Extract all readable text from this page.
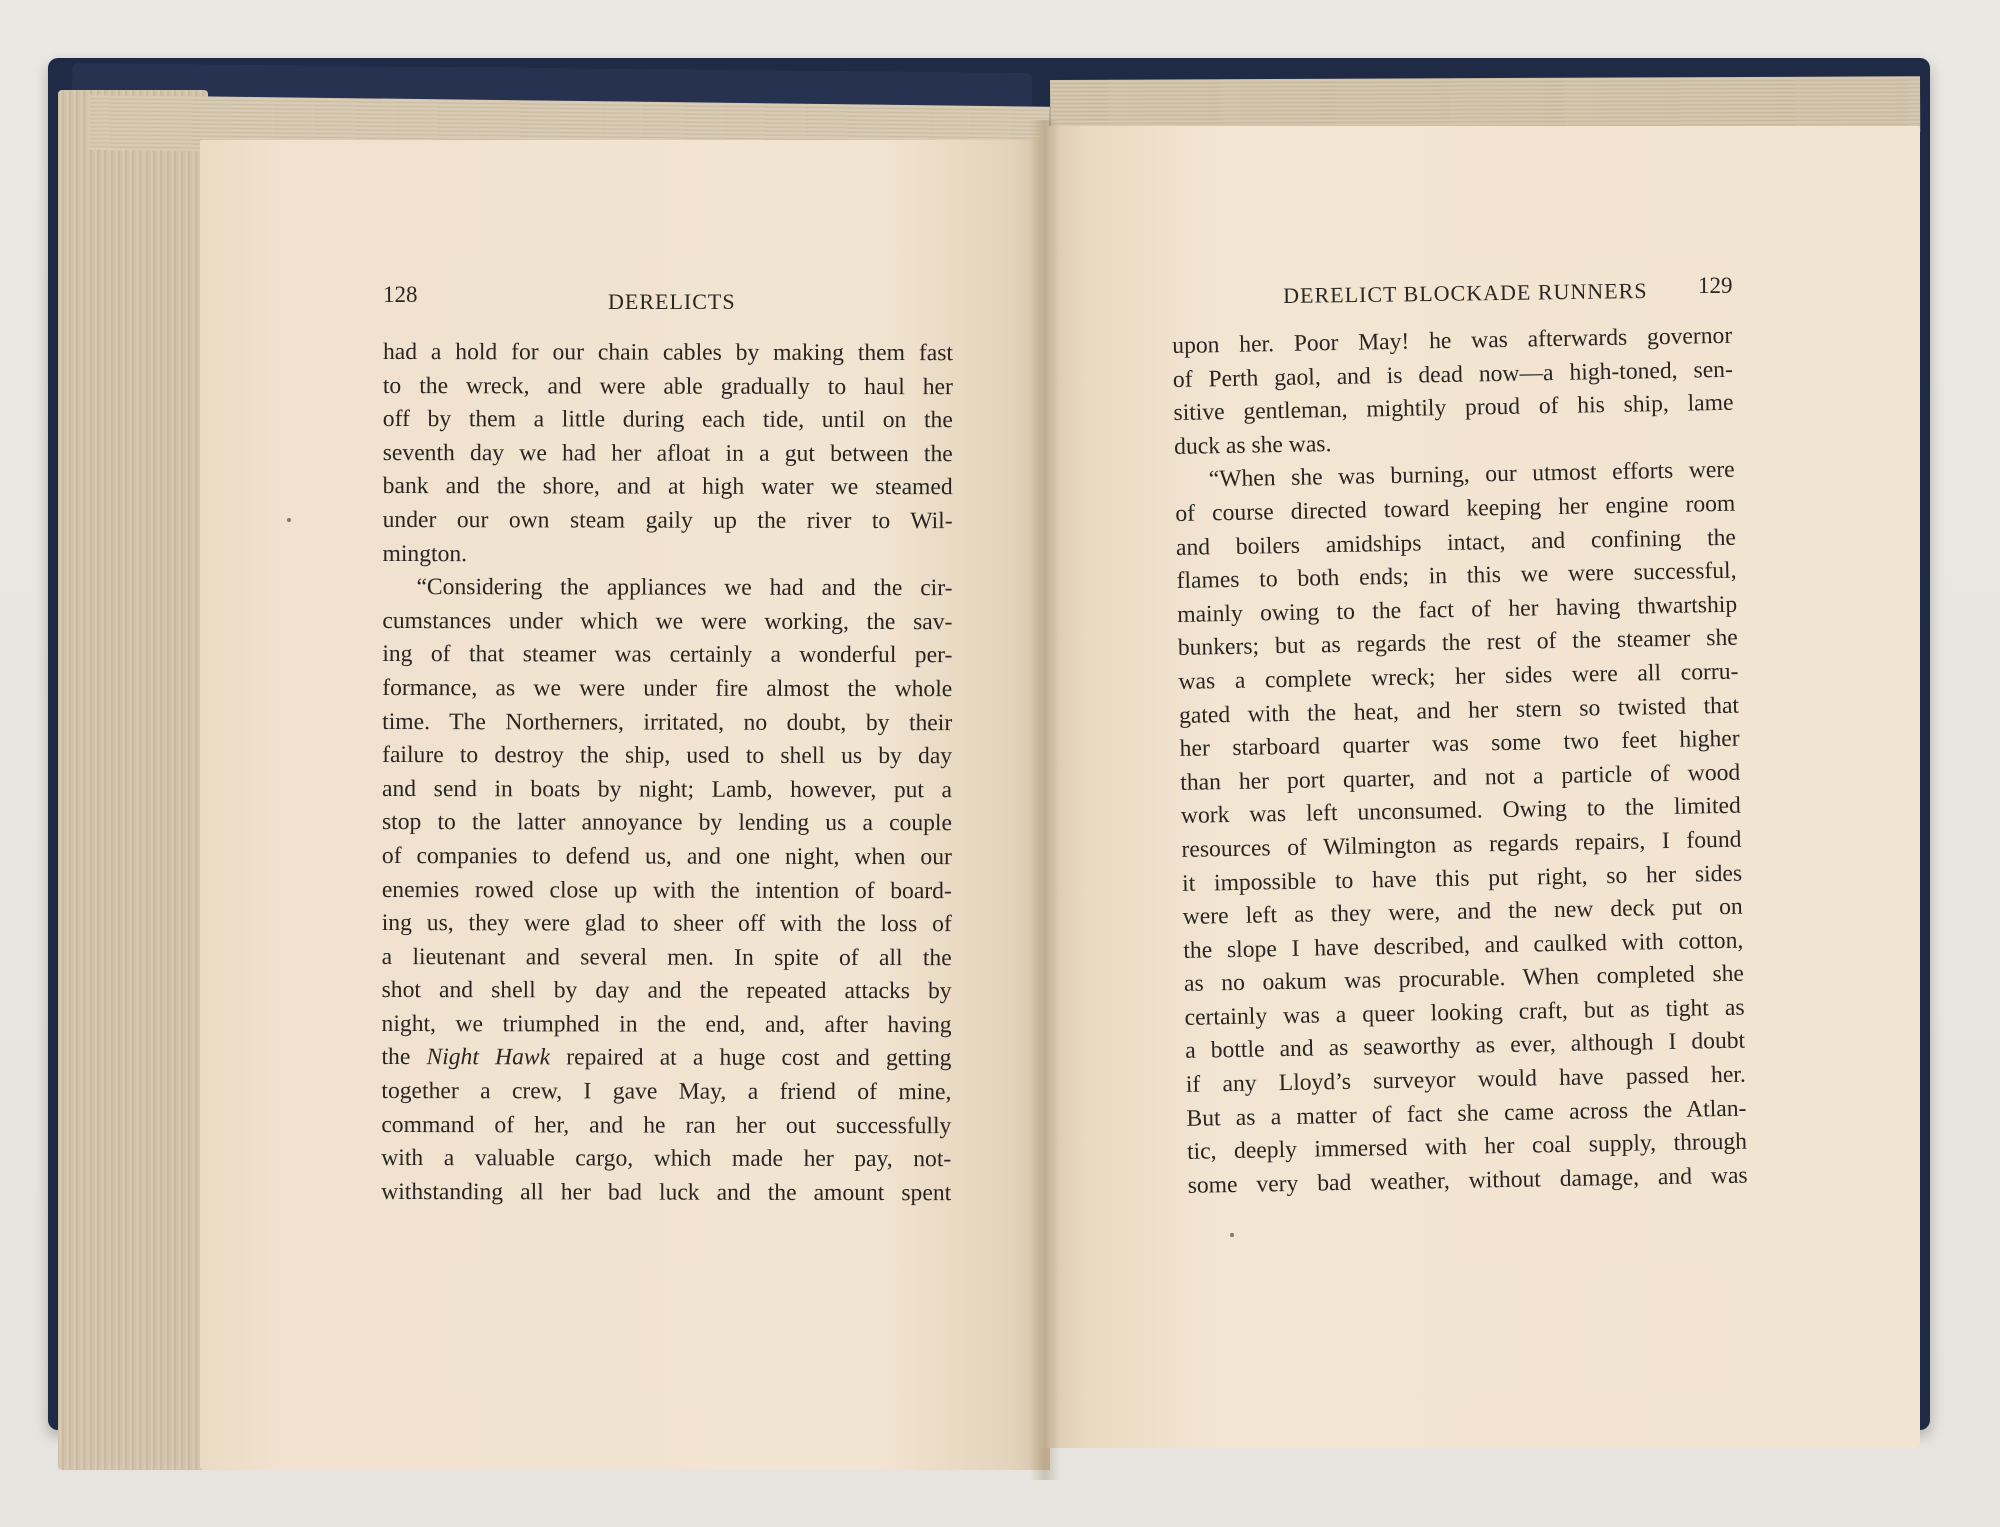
128	DERELICTS	DERELICT BLOCKADE RUNNERS 129
had a hold for our chain cables by making them fast
to the wreck, and were able gradually to haul her
off by them a little during each tide, until on the
seventh day we had her afloat in a gut between the
bank and the shore, and at high water we steamed
under our own steam gaily up the river to Wil-
mington.
“Considering the appliances we had and the cir-
cumstances under which we were working, the sav-
ing of that steamer was certainly a wonderful per-
formance, as we were under fire almost the whole
time. The Northerners, irritated, no doubt, by their
failure to destroy the ship, used to shell us by day
and send in boats by night; Lamb, however, put a
stop to the latter annoyance by lending us a couple
of companies to defend us, and one night, when our
enemies rowed close up with the intention of board-
ing us, they were glad to sheer off with the loss of
a lieutenant and several men. In spite of all the
shot and shell by day and the repeated attacks by
night, we triumphed in the end, and, after having
the Night Hawk repaired at a huge cost and getting
together a crew, I gave May, a friend of mine,
command of her, and he ran her out successfully
with a valuable cargo, which made her pay, not-
withstanding all her bad luck and the amount spent
upon her. Poor May! he was afterwards governor
of Perth gaol, and is dead now—a high-toned, sen-
sitive gentleman, mightily proud of his ship, lame
duck as she was.
“When she was burning, our utmost efforts were
of course directed toward keeping her engine room
and boilers amidships intact, and confining the
flames to both ends; in this we were successful,
mainly owing to the fact of her having thwartship
bunkers; but as regards the rest of the steamer she
was a complete wreck; her sides were all corru-
gated with the heat, and her stern so twisted that
her starboard quarter was some two feet higher
than her port quarter, and not a particle of wood
work was left unconsumed. Owing to the limited
resources of Wilmington as regards repairs, I found
it impossible to have this put right, so her sides
were left as they were, and the new deck put on
the slope I have described, and caulked with cotton,
as no oakum was procurable. When completed she
certainly was a queer looking craft, but as tight as
a bottle and as seaworthy as ever, although I doubt
if any Lloyd’s surveyor would have passed her.
But as a matter of fact she came across the Atlan-
tic, deeply immersed with her coal supply, through
some very bad weather, without damage, and was
